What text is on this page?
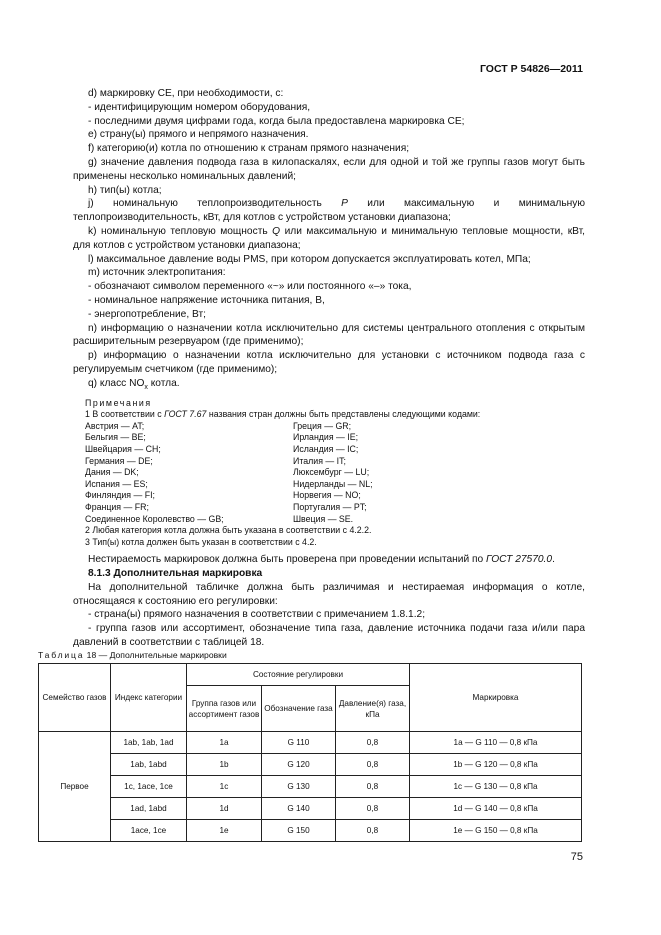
ГОСТ Р 54826—2011

d) маркировку СЕ, при необходимости, с:

- идентифицирующим номером оборудования,

- последними двумя цифрами года, когда была предоставлена маркировка СЕ;

e) страну(ы) прямого и непрямого назначения.

f) категорию(и) котла по отношению к странам прямого назначения;

g) значение давления подвода газа в килопаскалях, если для одной и той же группы газов могут быть применены несколько номинальных давлений;

h) тип(ы) котла;

j) номинальную теплопроизводительность P или максимальную и минимальную теплопроизводительность, кВт, для котлов с устройством установки диапазона;

k) номинальную тепловую мощность Q или максимальную и минимальную тепловые мощности, кВт, для котлов с устройством установки диапазона;

l) максимальное давление воды PMS, при котором допускается эксплуатировать котел, МПа;

m) источник электропитания:

- обозначают символом переменного «~» или постоянного «–» тока,

- номинальное напряжение источника питания, В,

- энергопотребление, Вт;

n) информацию о назначении котла исключительно для системы центрального отопления с открытым расширительным резервуаром (где применимо);

p) информацию о назначении котла исключительно для установки с источником подвода газа с регулируемым счетчиком (где применимо);

q) класс $NO_x$ котла.

Примечания
1 В соответствии с ГОСТ 7.67 названия стран должны быть представлены следующими кодами:
Австрия — AT;	Греция — GR;
Бельгия — BE;	Ирландия — IE;
Швейцария — CH;	Исландия — IC;
Германия — DE;	Италия — IT;
Дания — DK;	Люксембург — LU;
Испания — ES;	Нидерланды — NL;
Финляндия — FI;	Норвегия — NO;
Франция — FR;	Португалия — PT;
Соединенное Королевство — GB;	Швеция — SE.
2 Любая категория котла должна быть указана в соответствии с 4.2.2.
3 Тип(ы) котла должен быть указан в соответствии с 4.2.

Нестираемость маркировок должна быть проверена при проведении испытаний по ГОСТ 27570.0.

8.1.3 Дополнительная маркировка

На дополнительной табличке должна быть различимая и нестираемая информация о котле, относящаяся к состоянию его регулировки:

- страна(ы) прямого назначения в соответствии с примечанием 1.8.1.2;

- группа газов или ассортимент, обозначение типа газа, давление источника подачи газа и/или пара давлений в соответствии с таблицей 18.

Таблица 18 — Дополнительные маркировки
Семейство газов	Индекс категории	Состояние регулировки			Маркировка
		Группа газов или ассортимент газов	Обозначение газа	Давление(я) газа, кПа	
Первое	1ab, 1ab, 1ad	1a	G 110	0,8	1a — G 110 — 0,8 кПа
	1ab, 1abd	1b	G 120	0,8	1b — G 120 — 0,8 кПа
	1c, 1ace, 1ce	1c	G 130	0,8	1c — G 130 — 0,8 кПа
	1ad, 1abd	1d	G 140	0,8	1d — G 140 — 0,8 кПа
	1ace, 1ce	1e	G 150	0,8	1e — G 150 — 0,8 кПа
75
